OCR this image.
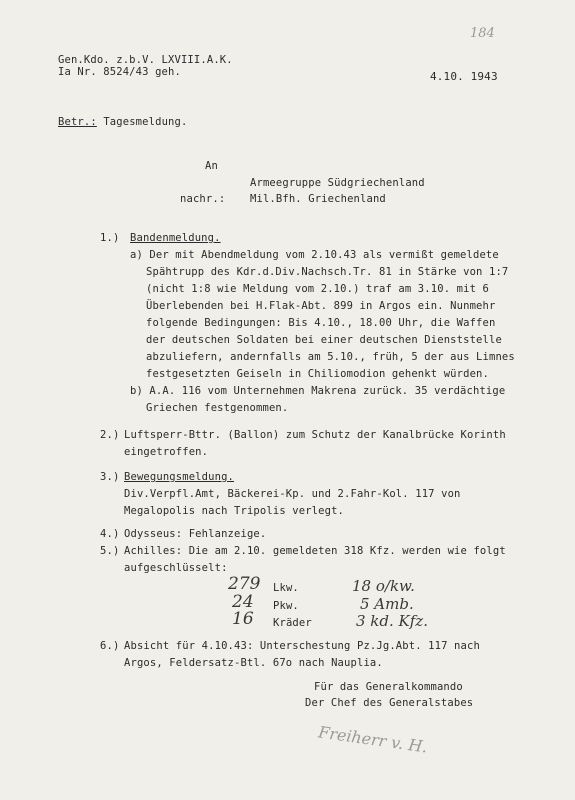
Gen.Kdo. z.b.V. LXVIII.A.K.
Ia Nr. 8524/43 geh.
184
4.10. 1943
Betr.: Tagesmeldung.
An
Armeegruppe Südgriechenland
nachr.: Mil.Bfh. Griechenland
1.) Bandenmeldung.
a) Der mit Abendmeldung vom 2.10.43 als vermißt gemeldete
Spähtrupp des Kdr.d.Div.Nachsch.Tr. 81 in Stärke von 1:7
(nicht 1:8 wie Meldung vom 2.10.) traf am 3.10. mit 6
Überlebenden bei H.Flak-Abt. 899 in Argos ein. Nunmehr
folgende Bedingungen: Bis 4.10., 18.00 Uhr, die Waffen
der deutschen Soldaten bei einer deutschen Dienststelle
abzuliefern, andernfalls am 5.10., früh, 5 der aus Limnes
festgesetzten Geiseln in Chiliomodion gehenkt würden.
b) A.A. 116 vom Unternehmen Makrena zurück. 35 verdächtige
Griechen festgenommen.
2.) Luftsperr-Bttr. (Ballon) zum Schutz der Kanalbrücke Korinth
eingetroffen.
3.) Bewegungsmeldung.
Div.Verpfl.Amt, Bäckerei-Kp. und 2.Fahr-Kol. 117 von
Megalopolis nach Tripolis verlegt.
4.) Odysseus: Fehlanzeige.
5.) Achilles: Die am 2.10. gemeldeten 318 Kfz. werden wie folgt
aufgeschlüsselt:
279 Lkw.	18 o/kw.
24 Pkw.	5 Amb.
16 Kräder	3 kd. Kfz.
6.) Absicht für 4.10.43: Unterschestung Pz.Jg.Abt. 117 nach
Argos, Feldersatz-Btl. 67o nach Nauplia.
Für das Generalkommando
Der Chef des Generalstabes
Freiherr v. H.
